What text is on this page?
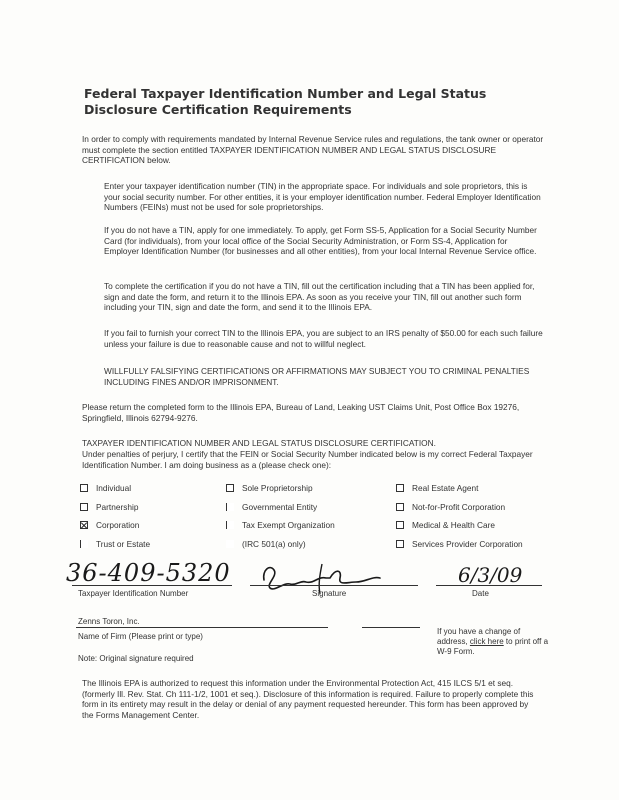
Federal Taxpayer Identification Number and Legal Status Disclosure Certification Requirements
In order to comply with requirements mandated by Internal Revenue Service rules and regulations, the tank owner or operator must complete the section entitled TAXPAYER IDENTIFICATION NUMBER AND LEGAL STATUS DISCLOSURE CERTIFICATION below.
Enter your taxpayer identification number (TIN) in the appropriate space. For individuals and sole proprietors, this is your social security number. For other entities, it is your employer identification number. Federal Employer Identification Numbers (FEINs) must not be used for sole proprietorships.
If you do not have a TIN, apply for one immediately. To apply, get Form SS-5, Application for a Social Security Number Card (for individuals), from your local office of the Social Security Administration, or Form SS-4, Application for Employer Identification Number (for businesses and all other entities), from your local Internal Revenue Service office.
To complete the certification if you do not have a TIN, fill out the certification including that a TIN has been applied for, sign and date the form, and return it to the Illinois EPA. As soon as you receive your TIN, fill out another such form including your TIN, sign and date the form, and send it to the Illinois EPA.
If you fail to furnish your correct TIN to the Illinois EPA, you are subject to an IRS penalty of $50.00 for each such failure unless your failure is due to reasonable cause and not to willful neglect.
WILLFULLY FALSIFYING CERTIFICATIONS OR AFFIRMATIONS MAY SUBJECT YOU TO CRIMINAL PENALTIES INCLUDING FINES AND/OR IMPRISONMENT.
Please return the completed form to the Illinois EPA, Bureau of Land, Leaking UST Claims Unit, Post Office Box 19276, Springfield, Illinois 62794-9276.
TAXPAYER IDENTIFICATION NUMBER AND LEGAL STATUS DISCLOSURE CERTIFICATION.
Under penalties of perjury, I certify that the FEIN or Social Security Number indicated below is my correct Federal Taxpayer Identification Number. I am doing business as a (please check one):
Individual
Partnership
Corporation
Trust or Estate
Sole Proprietorship
Governmental Entity
Tax Exempt Organization
(IRC 501(a) only)
Real Estate Agent
Not-for-Profit Corporation
Medical & Health Care
Services Provider Corporation
36-409-5320
Taxpayer Identification Number	Signature
6/3/09
Date
Zenns Toron, Inc.
Name of Firm (Please print or type)
Note: Original signature required
If you have a change of address, click here to print off a W-9 Form.
The Illinois EPA is authorized to request this information under the Environmental Protection Act, 415 ILCS 5/1 et seq. (formerly Ill. Rev. Stat. Ch 111-1/2, 1001 et seq.). Disclosure of this information is required. Failure to properly complete this form in its entirety may result in the delay or denial of any payment requested hereunder. This form has been approved by the Forms Management Center.
